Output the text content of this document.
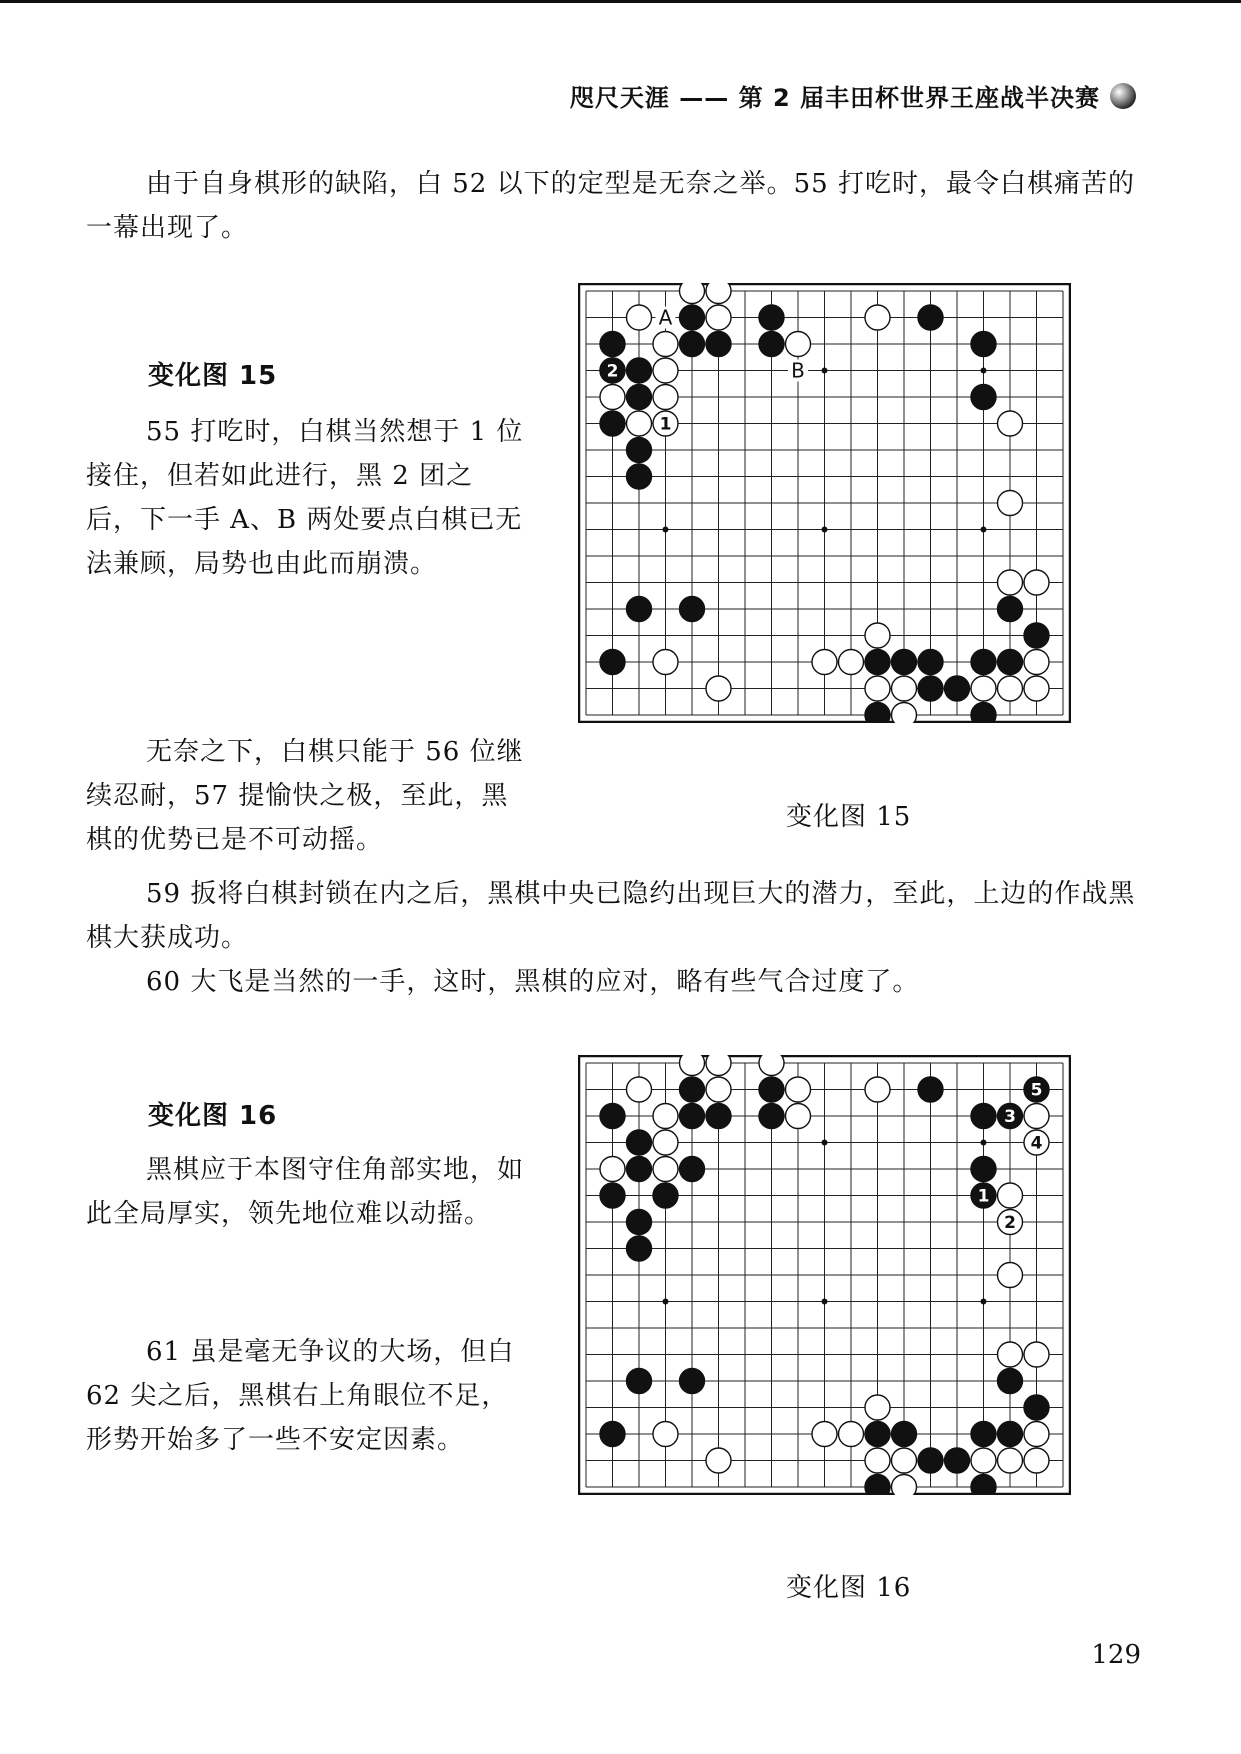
咫尺天涯 —— 第 2 届丰田杯世界王座战半决赛

由于自身棋形的缺陷，白 52 以下的定型是无奈之举。55 打吃时，最令白棋痛苦的一幕出现了。

变化图 15

55 打吃时，白棋当然想于 1 位接住，但若如此进行，黑 2 团之后，下一手 A、B 两处要点白棋已无法兼顾，局势也由此而崩溃。

无奈之下，白棋只能于 56 位继续忍耐，57 提愉快之极，至此，黑棋的优势已是不可动摇。

2
1
A
B
变化图 15

59 扳将白棋封锁在内之后，黑棋中央已隐约出现巨大的潜力，至此，上边的作战黑棋大获成功。

60 大飞是当然的一手，这时，黑棋的应对，略有些气合过度了。

变化图 16

黑棋应于本图守住角部实地，如此全局厚实，领先地位难以动摇。

61 虽是毫无争议的大场，但白 62 尖之后，黑棋右上角眼位不足，形势开始多了一些不安定因素。

5
3
4
1
2
变化图 16
129
